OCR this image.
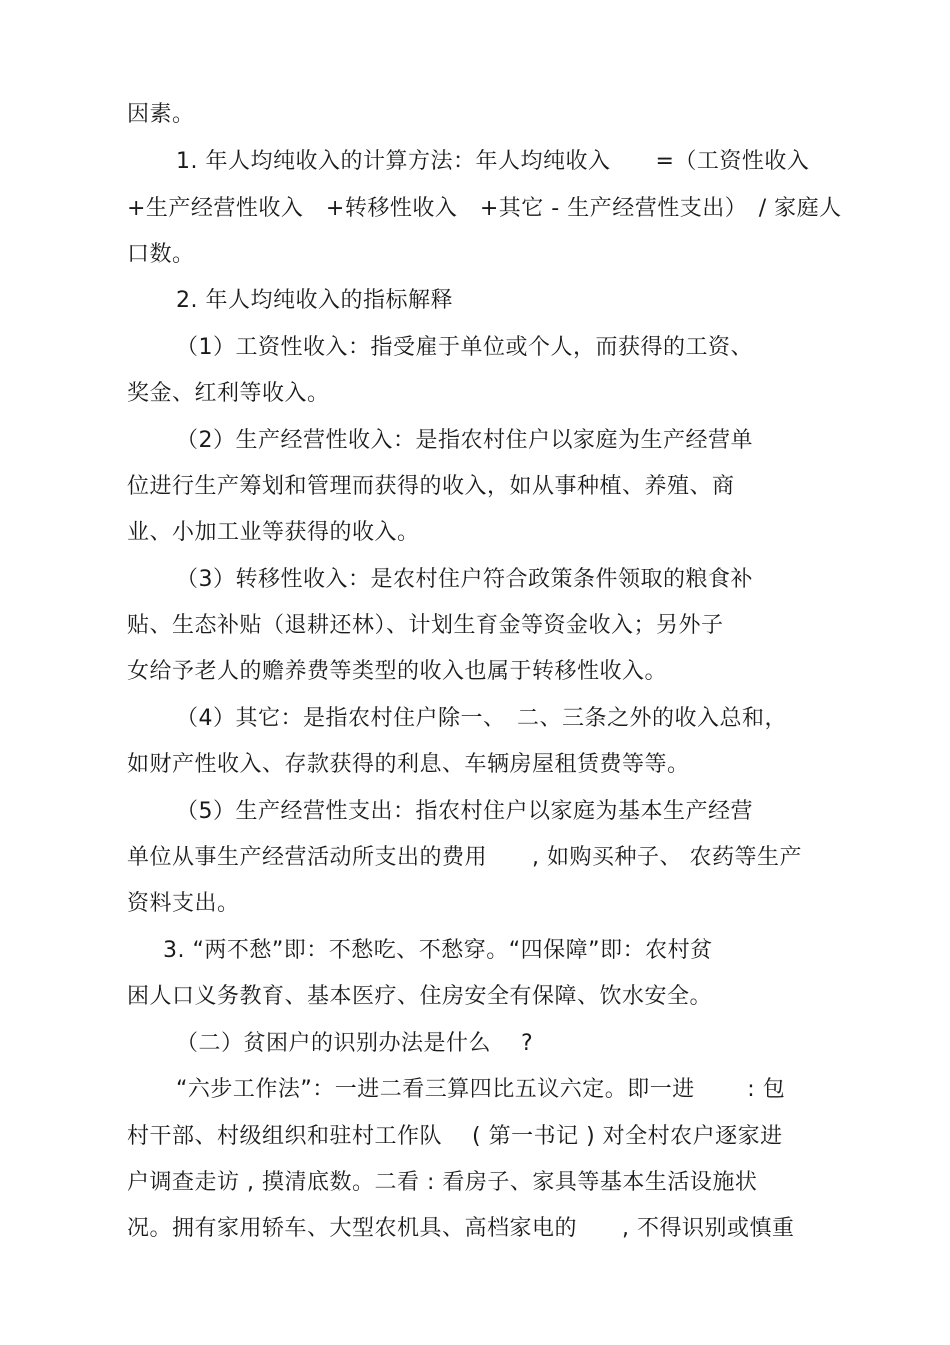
因素。
1. 年人均纯收入的计算方法：年人均纯收入　　=（工资性收入
+生产经营性收入　+转移性收入　+其它 - 生产经营性支出）　/ 家庭人
口数。
2. 年人均纯收入的指标解释
（1）工资性收入：指受雇于单位或个人，而获得的工资、
奖金、红利等收入。
（2）生产经营性收入：是指农村住户以家庭为生产经营单
位进行生产筹划和管理而获得的收入，如从事种植、养殖、商
业、小加工业等获得的收入。
（3）转移性收入：是农村住户符合政策条件领取的粮食补
贴、生态补贴（退耕还林）、计划生育金等资金收入；另外子
女给予老人的赡养费等类型的收入也属于转移性收入。
（4）其它：是指农村住户除一、　二、三条之外的收入总和，
如财产性收入、存款获得的利息、车辆房屋租赁费等等。
（5）生产经营性支出：指农村住户以家庭为基本生产经营
单位从事生产经营活动所支出的费用　　, 如购买种子、 农药等生产
资料支出。
3. “两不愁”即：不愁吃、不愁穿。“四保障”即：农村贫
困人口义务教育、基本医疗、住房安全有保障、饮水安全。
（二）贫困户的识别办法是什么　 ?
“六步工作法”：一进二看三算四比五议六定。即一进　　 : 包
村干部、村级组织和驻村工作队　 ( 第一书记 ) 对全村农户逐家进
户调查走访 , 摸清底数。二看 : 看房子、家具等基本生活设施状
况。拥有家用轿车、大型农机具、高档家电的　　, 不得识别或慎重
